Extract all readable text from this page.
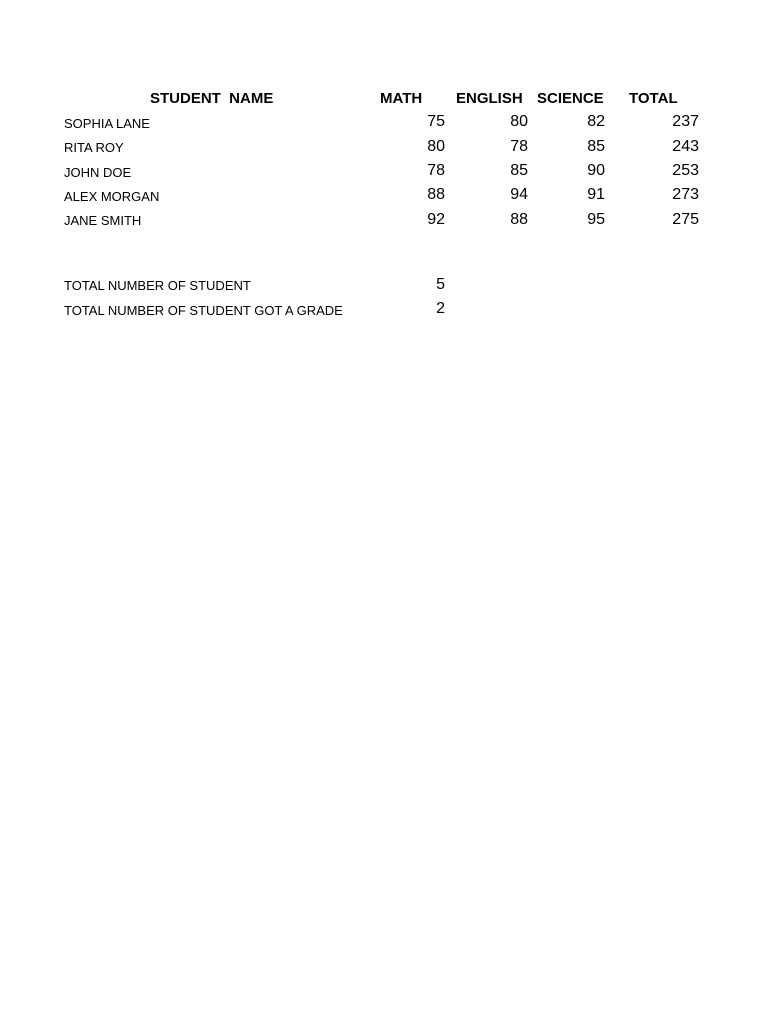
STUDENT  NAME	MATH	ENGLISH SCIENCE TOTAL
SOPHIA LANE	75	80	82	237
RITA ROY	80	78	85	243
JOHN DOE	78	85	90	253
ALEX MORGAN	88	94	91	273
JANE SMITH	92	88	95	275
TOTAL NUMBER OF STUDENT	5
TOTAL NUMBER OF STUDENT GOT A GRADE	2
